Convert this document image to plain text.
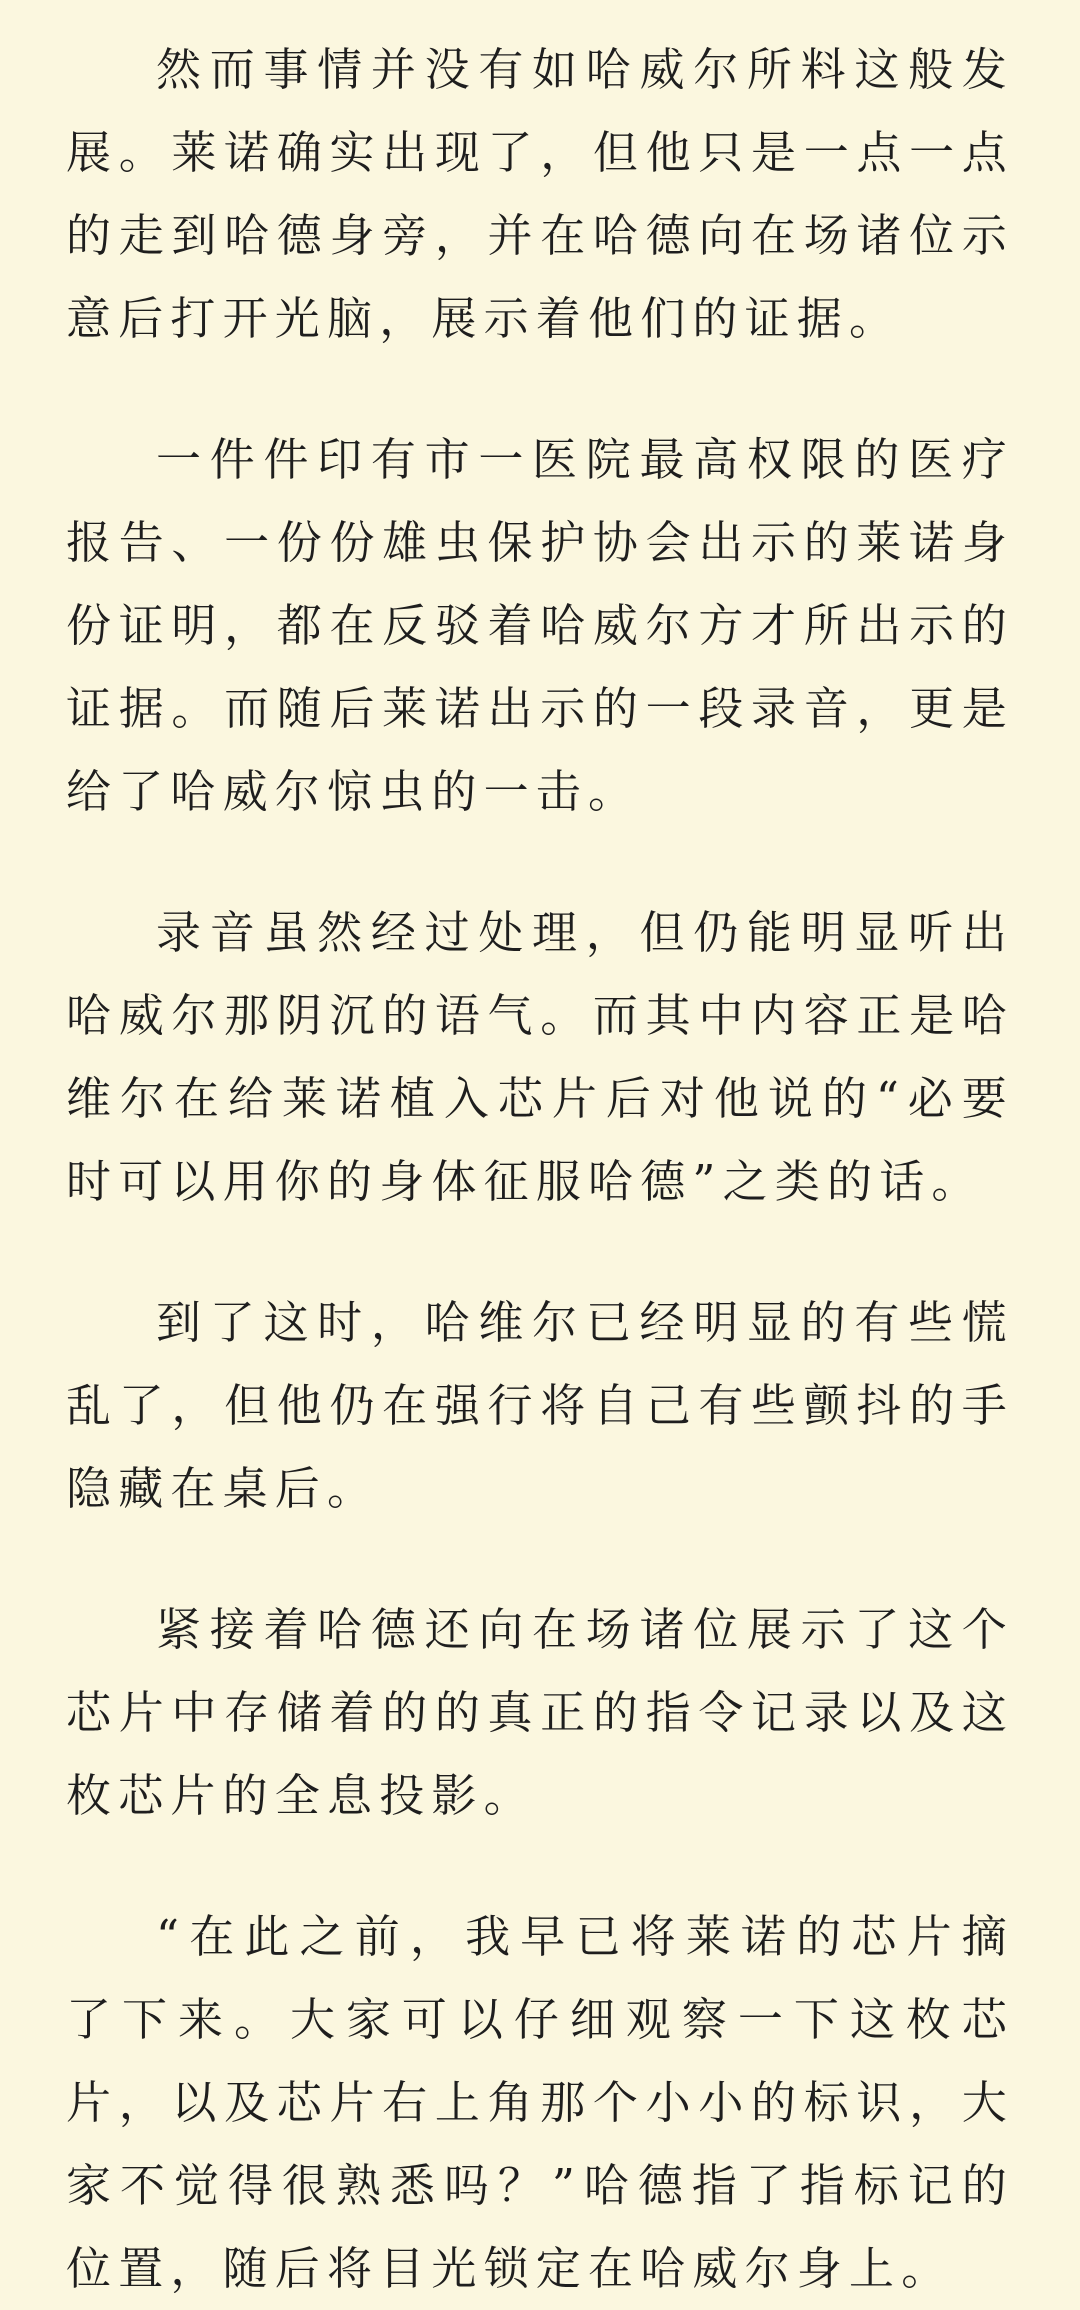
然而事情并没有如哈威尔所料这般发展。莱诺确实出现了，但他只是一点一点的走到哈德身旁，并在哈德向在场诸位示意后打开光脑，展示着他们的证据。

一件件印有市一医院最高权限的医疗报告、一份份雄虫保护协会出示的莱诺身份证明，都在反驳着哈威尔方才所出示的证据。而随后莱诺出示的一段录音，更是给了哈威尔惊虫的一击。

录音虽然经过处理，但仍能明显听出哈威尔那阴沉的语气。而其中内容正是哈维尔在给莱诺植入芯片后对他说的“必要时可以用你的身体征服哈德”之类的话。

到了这时，哈维尔已经明显的有些慌乱了，但他仍在强行将自己有些颤抖的手隐藏在桌后。

紧接着哈德还向在场诸位展示了这个芯片中存储着的的真正的指令记录以及这枚芯片的全息投影。

“在此之前，我早已将莱诺的芯片摘了下来。大家可以仔细观察一下这枚芯片，以及芯片右上角那个小小的标识，大家不觉得很熟悉吗？”哈德指了指标记的位置，随后将目光锁定在哈威尔身上。
